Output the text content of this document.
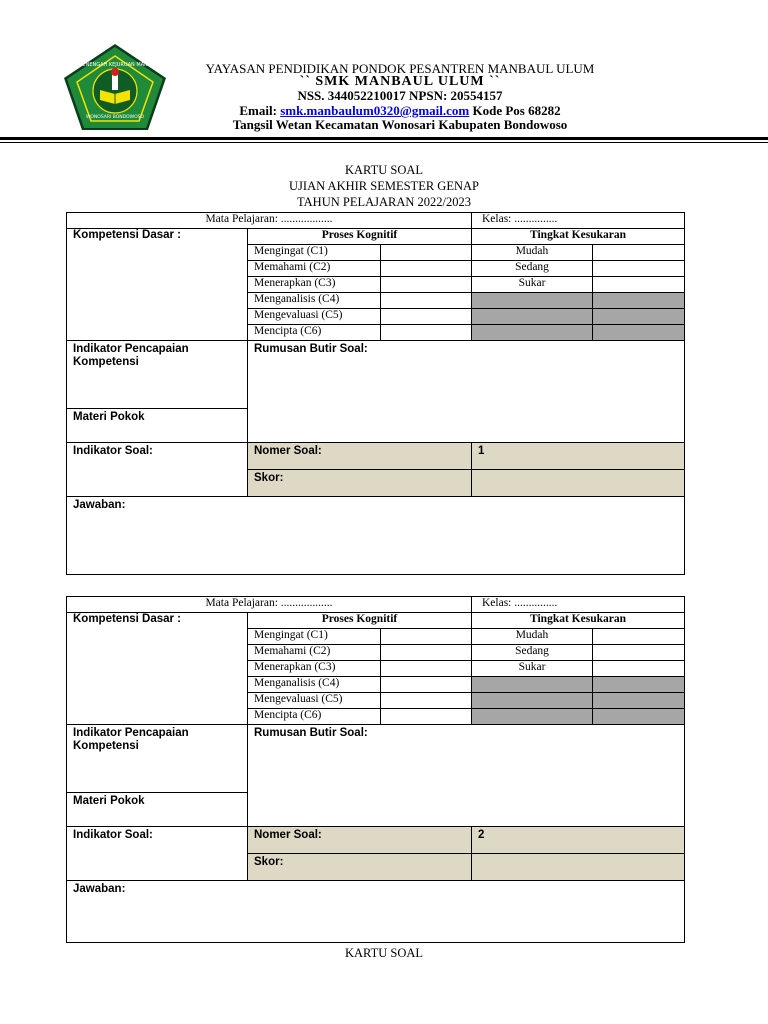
SEKOLAH MENENGAH KEJURUAN MANBAUL ULUM
WONOSARI BONDOWOSO
YAYASAN PENDIDIKAN PONDOK PESANTREN MANBAUL ULUM
`` SMK MANBAUL ULUM ``
NSS. 344052210017 NPSN: 20554157
Email: smk.manbaulum0320@gmail.com Kode Pos 68282
Tangsil Wetan Kecamatan Wonosari Kabupaten Bondowoso
KARTU SOAL
UJIAN AKHIR SEMESTER GENAP
TAHUN PELAJARAN 2022/2023
Mata Pelajaran: ..................			Kelas: ...............	
Kompetensi Dasar :	Proses Kognitif		Tingkat Kesukaran	
	Mengingat (C1)		Mudah	
	Memahami (C2)		Sedang	
	Menerapkan (C3)		Sukar	
	Menganalisis (C4)			
	Mengevaluasi (C5)			
	Mencipta (C6)			
Indikator Pencapaian Kompetensi	Rumusan Butir Soal:			
Materi Pokok				
Indikator Soal:	Nomer Soal:		1	
	Skor:			
Jawaban:				
Mata Pelajaran: ..................			Kelas: ...............	
Kompetensi Dasar :	Proses Kognitif		Tingkat Kesukaran	
	Mengingat (C1)		Mudah	
	Memahami (C2)		Sedang	
	Menerapkan (C3)		Sukar	
	Menganalisis (C4)			
	Mengevaluasi (C5)			
	Mencipta (C6)			
Indikator Pencapaian Kompetensi	Rumusan Butir Soal:			
Materi Pokok				
Indikator Soal:	Nomer Soal:		2	
	Skor:			
Jawaban:				
KARTU SOAL
